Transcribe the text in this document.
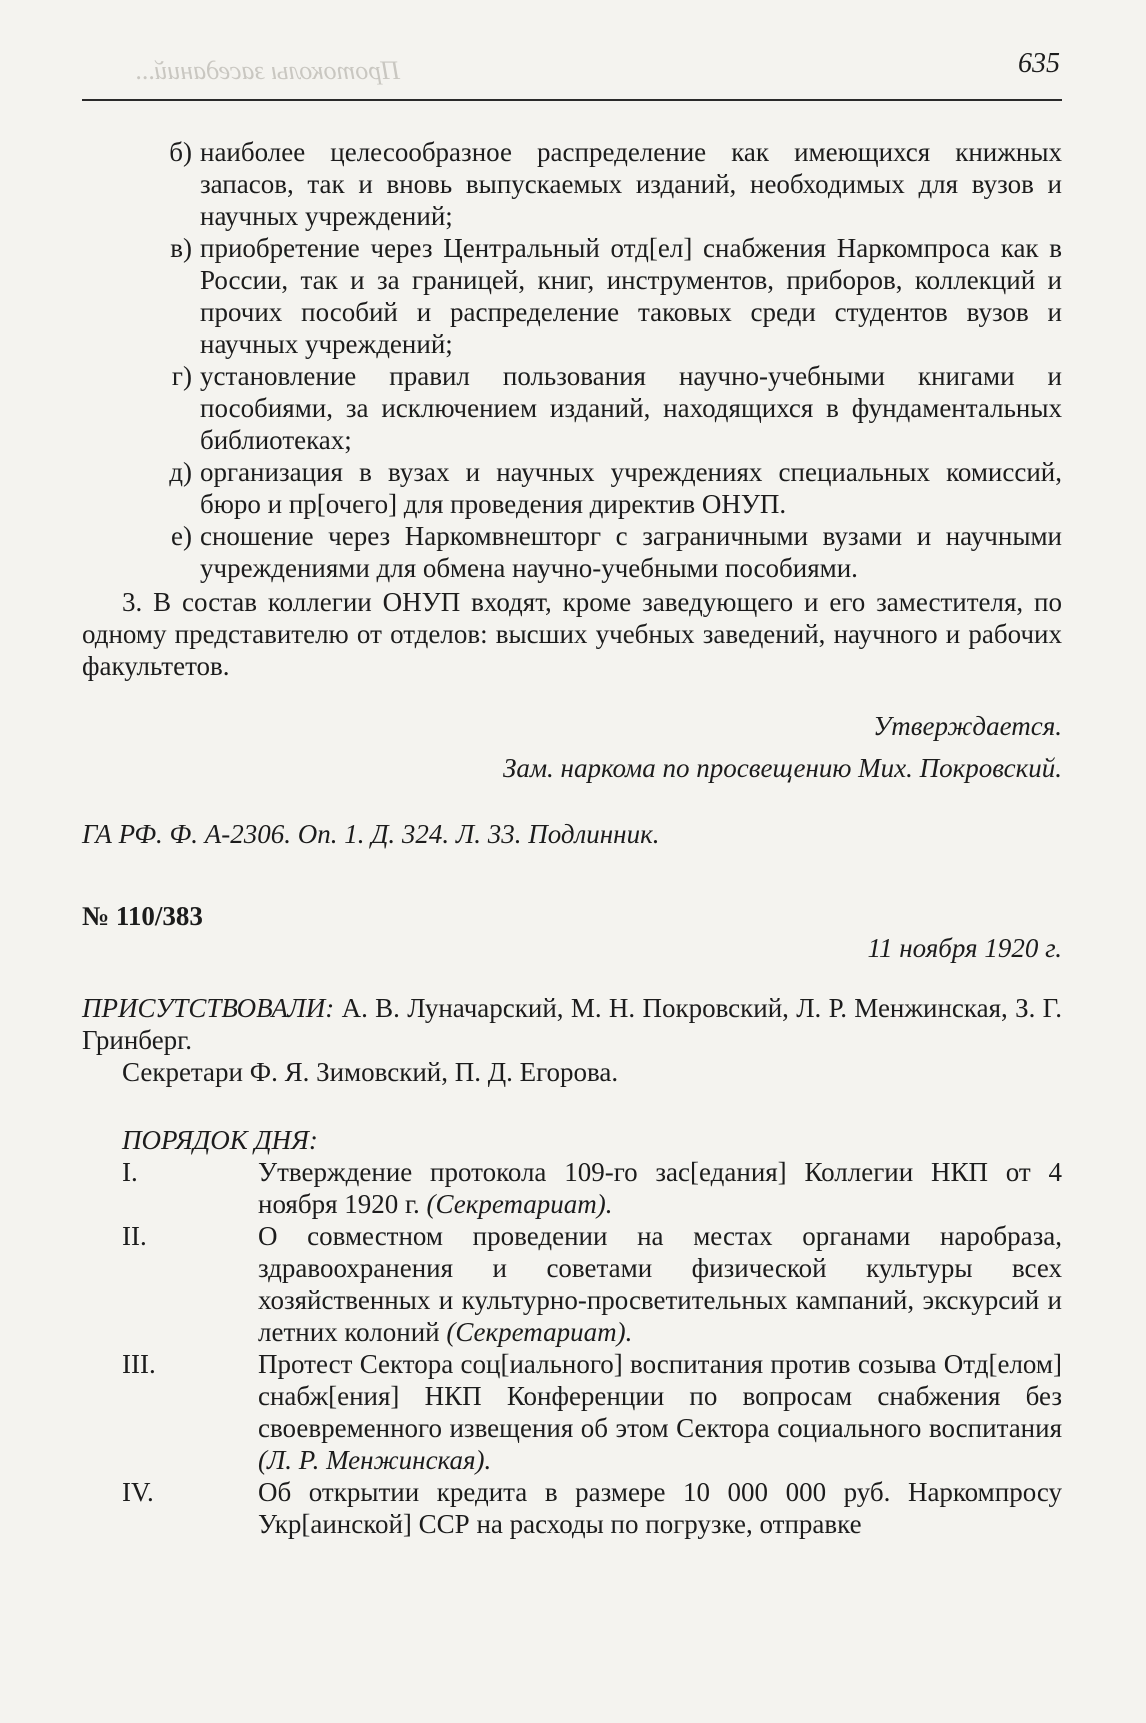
Протоколы заседаний...	635
б) наиболее целесообразное распределение как имеющихся книжных запасов, так и вновь выпускаемых изданий, необходимых для вузов и научных учреждений;
в) приобретение через Центральный отд[ел] снабжения Наркомпроса как в России, так и за границей, книг, инструментов, приборов, коллекций и прочих пособий и распределение таковых среди студентов вузов и научных учреждений;
г) установление правил пользования научно-учебными книгами и пособиями, за исключением изданий, находящихся в фундаментальных библиотеках;
д) организация в вузах и научных учреждениях специальных комиссий, бюро и пр[очего] для проведения директив ОНУП.
е) сношение через Наркомвнешторг с заграничными вузами и научными учреждениями для обмена научно-учебными пособиями.
3. В состав коллегии ОНУП входят, кроме заведующего и его заместителя, по одному представителю от отделов: высших учебных заведений, научного и рабочих факультетов.
Утверждается.
Зам. наркома по просвещению Мих. Покровский.
ГА РФ. Ф. А-2306. Оп. 1. Д. 324. Л. 33. Подлинник.
№ 110/383
11 ноября 1920 г.
ПРИСУТСТВОВАЛИ: А. В. Луначарский, М. Н. Покровский, Л. Р. Менжинская, З. Г. Гринберг.
Секретари Ф. Я. Зимовский, П. Д. Егорова.
ПОРЯДОК ДНЯ:
I.	Утверждение протокола 109-го зас[едания] Коллегии НКП от 4 ноября 1920 г. (Секретариат).
II.	О совместном проведении на местах органами наробраза, здравоохранения и советами физической культуры всех хозяйственных и культурно-просветительных кампаний, экскурсий и летних колоний (Секретариат).
III.	Протест Сектора соц[иального] воспитания против созыва Отд[елом] снабж[ения] НКП Конференции по вопросам снабжения без своевременного извещения об этом Сектора социального воспитания (Л. Р. Менжинская).
IV.	Об открытии кредита в размере 10 000 000 руб. Наркомпросу Укр[аинской] ССР на расходы по погрузке, отправке
